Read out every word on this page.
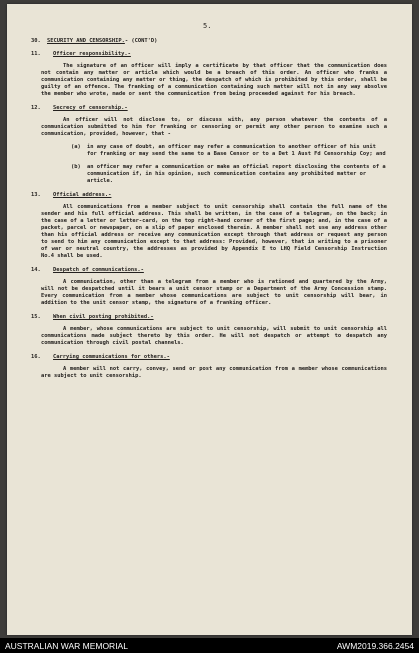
5.
30.	SECURITY AND CENSORSHIP. - (CONT'D)
11.	Officer responsibility.-
The signature of an officer will imply a certificate by that officer that the communication does not contain any matter or article which would be a breach of this order. An officer who franks a communication containing any matter or thing, the despatch of which is prohibited by this order, shall be guilty of an offence. The franking of a communication containing such matter will not in any way absolve the member who wrote, made or sent the communication from being proceeded against for his breach.
12.	Secrecy of censorship.-
An officer will not disclose to, or discuss with, any person whatever the contents of a communication submitted to him for franking or censoring or permit any other person to examine such a communication, provided, however, that -
(a)	in any case of doubt, an officer may refer a communication to another officer of his unit for franking or may send the same to a Base Censor or to a Det 1 Aust Fd Censorship Coy; and
(b)	an officer may refer a communication or make an official report disclosing the contents of a communication if, in his opinion, such communication contains any prohibited matter or article.
13.	Official address.-
All communications from a member subject to unit censorship shall contain the full name of the sender and his full official address. This shall be written, in the case of a telegram, on the back; in the case of a letter or letter-card, on the top right-hand corner of the first page; and, in the case of a packet, parcel or newspaper, on a slip of paper enclosed therein. A member shall not use any address other than his official address or receive any communication except through that address or request any person to send to him any communication except to that address: Provided, however, that in writing to a prisoner of war or neutral country, the addresses as provided by Appendix E to LHQ Field Censorship Instruction No.4 shall be used.
14.	Despatch of communications.-
A communication, other than a telegram from a member who is rationed and quartered by the Army, will not be despatched until it bears a unit censor stamp or a Department of the Army Concession stamp. Every communication from a member whose communications are subject to unit censorship will bear, in addition to the unit censor stamp, the signature of a franking officer.
15.	When civil posting prohibited.-
A member, whose communications are subject to unit censorship, will submit to unit censorship all communications made subject thereto by this order. He will not despatch or attempt to despatch any communication through civil postal channels.
16.	Carrying communications for others.-
A member will not carry, convey, send or post any communication from a member whose communications are subject to unit censorship.
AUSTRALIAN WAR MEMORIAL	AWM2019.366.2454
